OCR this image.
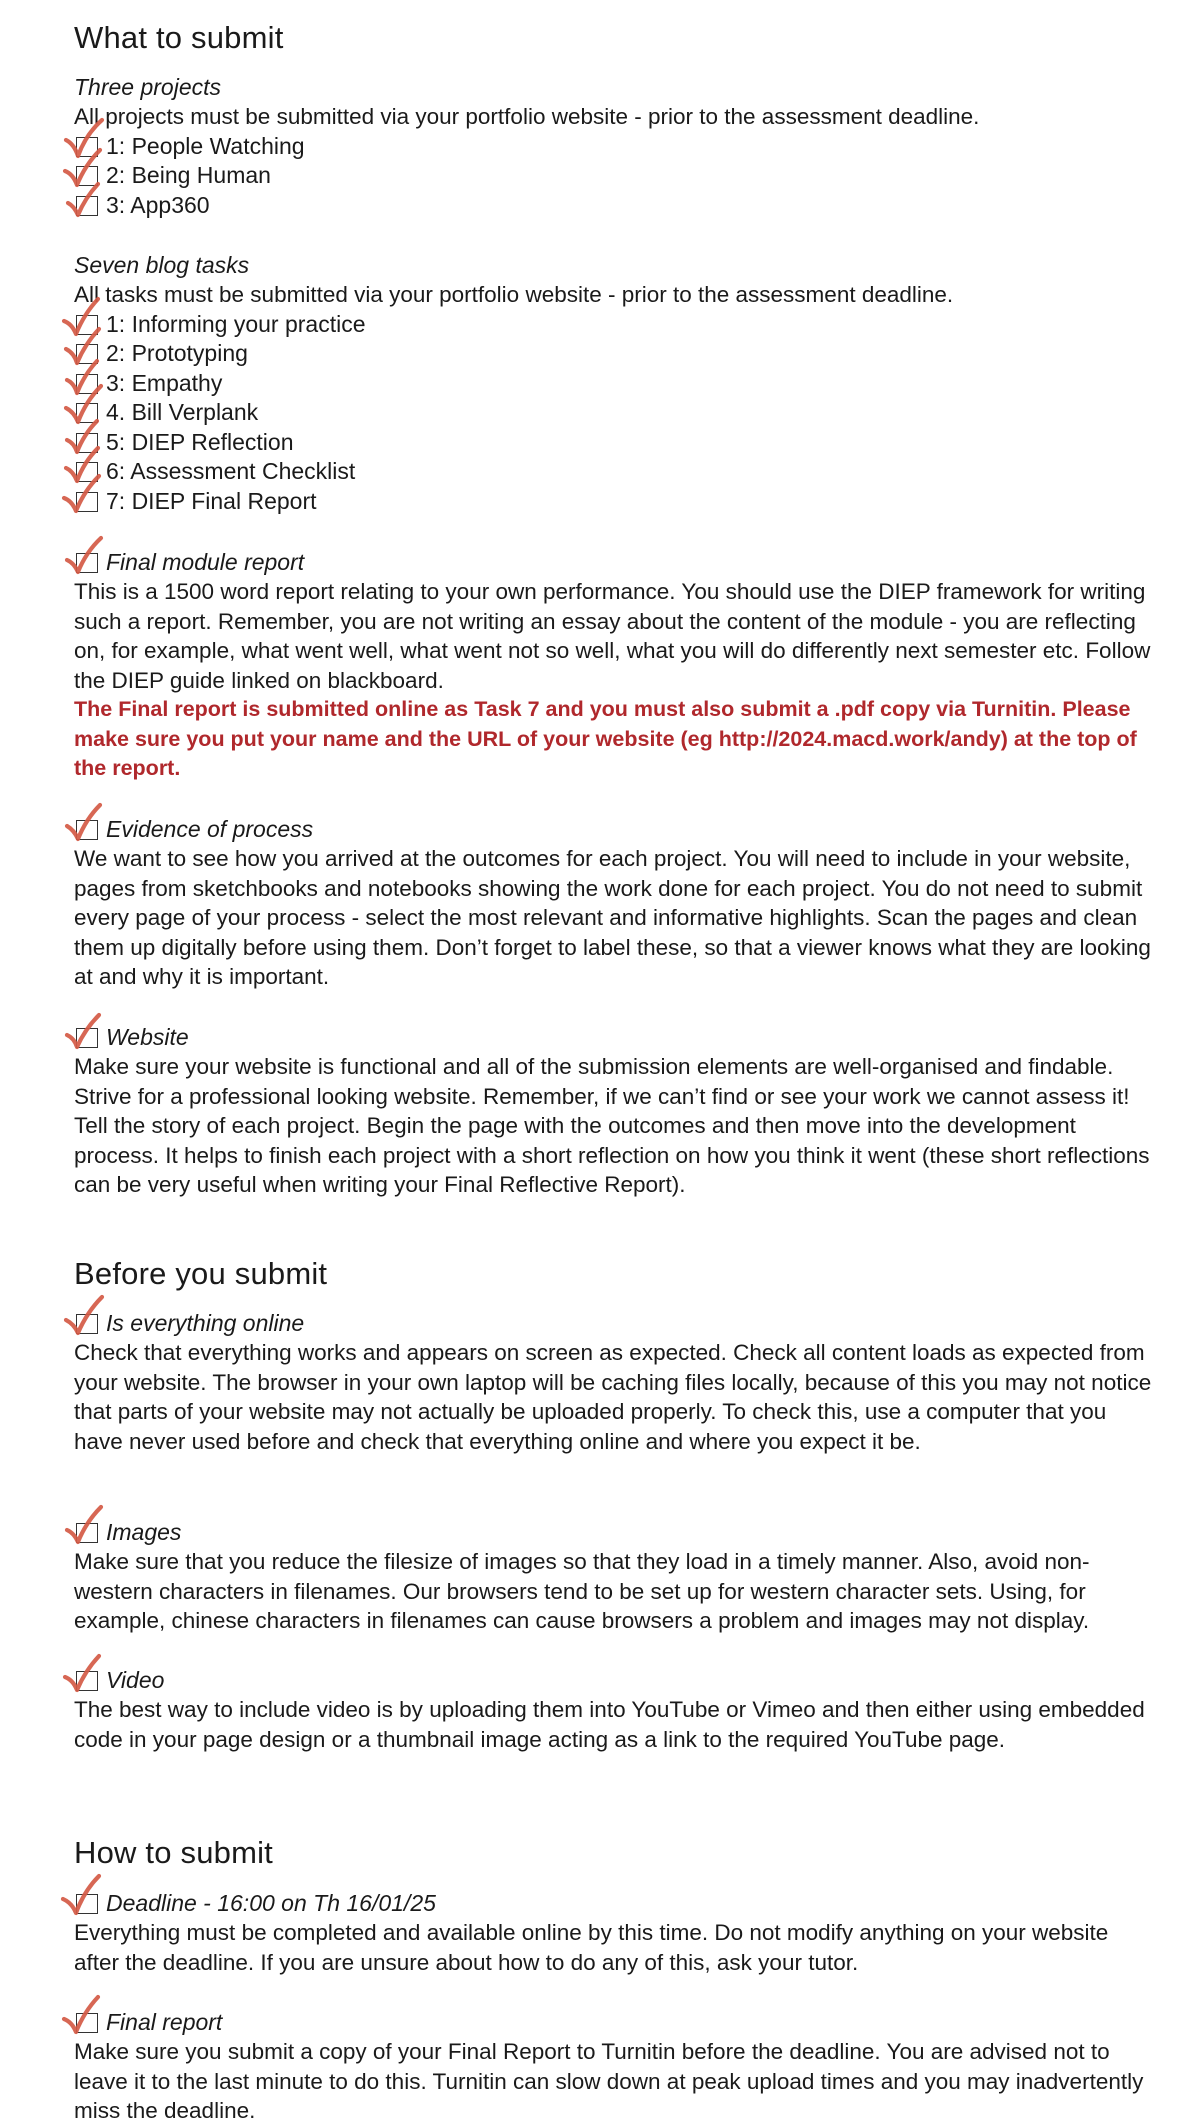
What to submit

Three projects

All projects must be submitted via your portfolio website - prior to the assessment deadline.

1: People Watching
2: Being Human
3: App360

Seven blog tasks

All tasks must be submitted via your portfolio website - prior to the assessment deadline.

1: Informing your practice
2: Prototyping
3: Empathy
4. Bill Verplank
5: DIEP Reflection
6: Assessment Checklist
7: DIEP Final Report

Final module report

This is a 1500 word report relating to your own performance. You should use the DIEP framework for writing such a report. Remember, you are not writing an essay about the content of the module - you are reflecting on, for example, what went well, what went not so well, what you will do differently next semester etc. Follow the DIEP guide linked on blackboard.

The Final report is submitted online as Task 7 and you must also submit a .pdf copy via Turnitin. Please make sure you put your name and the URL of your website (eg http://2024.macd.work/andy) at the top of the report.

Evidence of process

We want to see how you arrived at the outcomes for each project. You will need to include in your website, pages from sketchbooks and notebooks showing the work done for each project. You do not need to submit every page of your process - select the most relevant and informative highlights. Scan the pages and clean them up digitally before using them. Don’t forget to label these, so that a viewer knows what they are looking at and why it is important.

Website

Make sure your website is functional and all of the submission elements are well-organised and findable. Strive for a professional looking website. Remember, if we can’t find or see your work we cannot assess it! Tell the story of each project. Begin the page with the outcomes and then move into the development process. It helps to finish each project with a short reflection on how you think it went (these short reflections can be very useful when writing your Final Reflective Report).

Before you submit

Is everything online

Check that everything works and appears on screen as expected. Check all content loads as expected from your website. The browser in your own laptop will be caching files locally, because of this you may not notice that parts of your website may not actually be uploaded properly. To check this, use a computer that you have never used before and check that everything online and where you expect it be.

Images

Make sure that you reduce the filesize of images so that they load in a timely manner. Also, avoid non-western characters in filenames. Our browsers tend to be set up for western character sets. Using, for example, chinese characters in filenames can cause browsers a problem and images may not display.

Video

The best way to include video is by uploading them into YouTube or Vimeo and then either using embedded code in your page design or a thumbnail image acting as a link to the required YouTube page.

How to submit

Deadline - 16:00 on Th 16/01/25

Everything must be completed and available online by this time. Do not modify anything on your website after the deadline. If you are unsure about how to do any of this, ask your tutor.

Final report

Make sure you submit a copy of your Final Report to Turnitin before the deadline. You are advised not to leave it to the last minute to do this. Turnitin can slow down at peak upload times and you may inadvertently miss the deadline.
